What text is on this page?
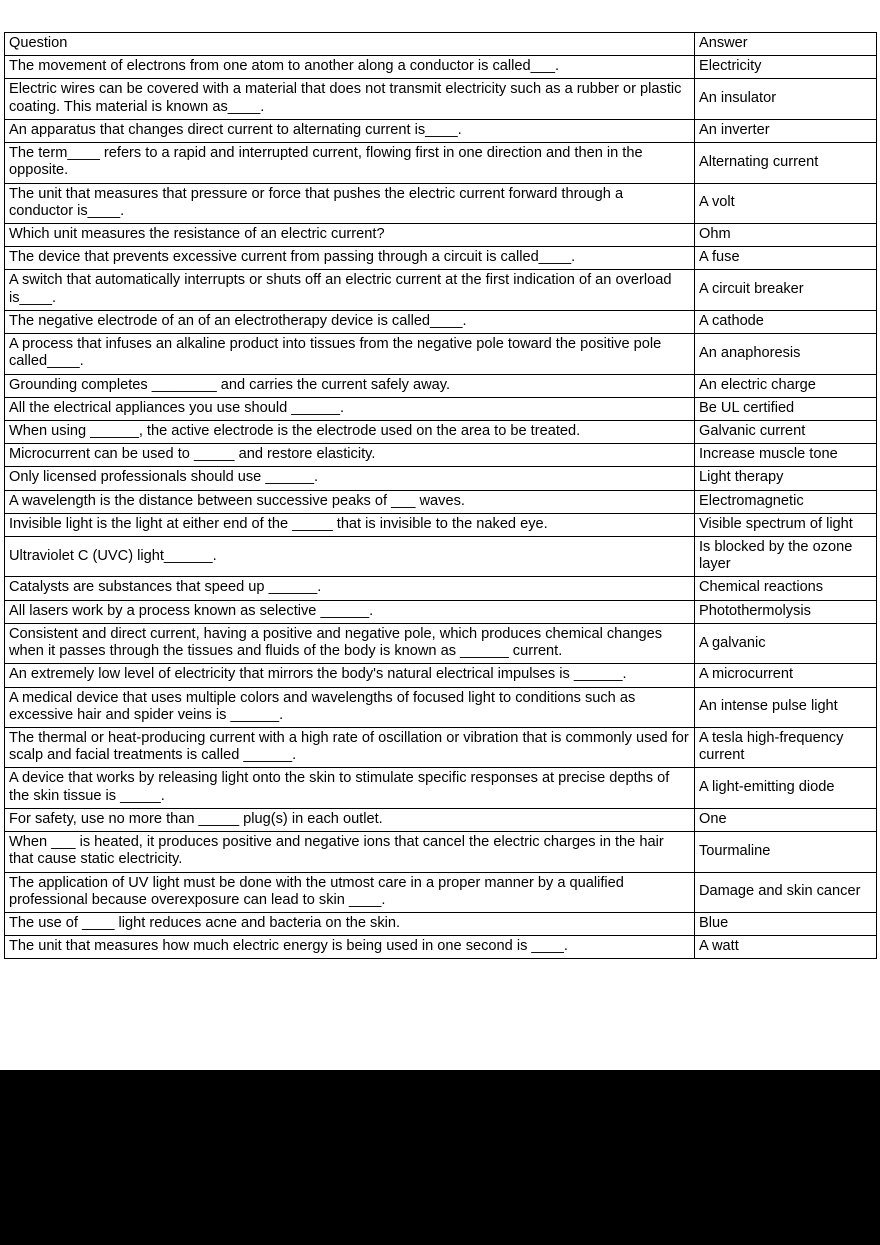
Question	Answer
The movement of electrons from one atom to another along a conductor is called___.	Electricity
Electric wires can be covered with a material that does not transmit electricity such as a rubber or plastic coating. This material is known as____.	An insulator
An apparatus that changes direct current to alternating current is____.	An inverter
The term____ refers to a rapid and interrupted current, flowing first in one direction and then in the opposite.	Alternating current
The unit that measures that pressure or force that pushes the electric current forward through a conductor is____.	A volt
Which unit measures the resistance of an electric current?	Ohm
The device that prevents excessive current from passing through a circuit is called____.	A fuse
A switch that automatically interrupts or shuts off an electric current at the first indication of an overload is____.	A circuit breaker
The negative electrode of an of an electrotherapy device is called____.	A cathode
A process that infuses an alkaline product into tissues from the negative pole toward the positive pole called____.	An anaphoresis
Grounding completes ________ and carries the current safely away.	An electric charge
All the electrical appliances you use should ______.	Be UL certified
When using ______, the active electrode is the electrode used on the area to be treated.	Galvanic current
Microcurrent can be used to _____ and restore elasticity.	Increase muscle tone
Only licensed professionals should use ______.	Light therapy
A wavelength is the distance between successive peaks of ___ waves.	Electromagnetic
Invisible light is the light at either end of the _____ that is invisible to the naked eye.	Visible spectrum of light
Ultraviolet C (UVC) light______.	Is blocked by the ozone layer
Catalysts are substances that speed up ______.	Chemical reactions
All lasers work by a process known as selective ______.	Photothermolysis
Consistent and direct current, having a positive and negative pole, which produces chemical changes when it passes through the tissues and fluids of the body is known as ______ current.	A galvanic
An extremely low level of electricity that mirrors the body's natural electrical impulses is ______.	A microcurrent
A medical device that uses multiple colors and wavelengths of focused light to conditions such as excessive hair and spider veins is ______.	An intense pulse light
The thermal or heat-producing current with a high rate of oscillation or vibration that is commonly used for scalp and facial treatments is called ______.	A tesla high-frequency current
A device that works by releasing light onto the skin to stimulate specific responses at precise depths of the skin tissue is _____.	A light-emitting diode
For safety, use no more than _____ plug(s) in each outlet.	One
When ___ is heated, it produces positive and negative ions that cancel the electric charges in the hair that cause static electricity.	Tourmaline
The application of UV light must be done with the utmost care in a proper manner by a qualified professional because overexposure can lead to skin ____.	Damage and skin cancer
The use of ____ light reduces acne and bacteria on the skin.	Blue
The unit that measures how much electric energy is being used in one second is ____.	A watt
